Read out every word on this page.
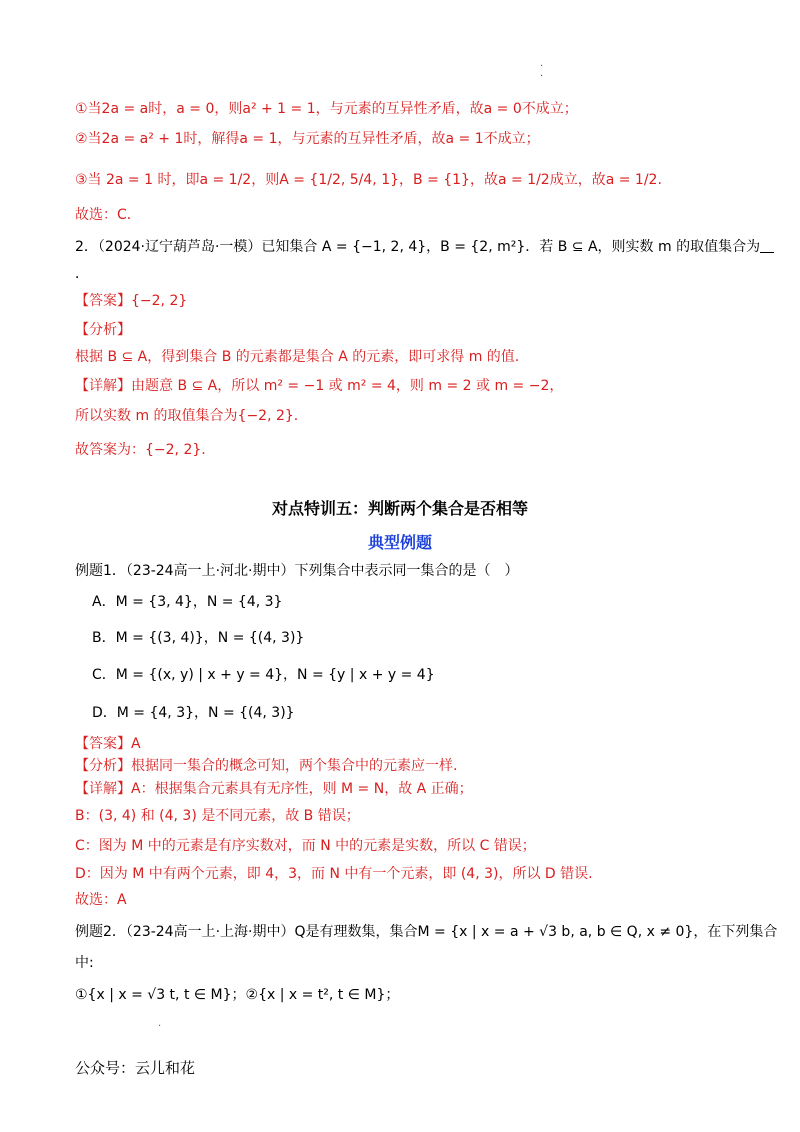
.
.
①当2a = a时，a = 0，则a² + 1 = 1，与元素的互异性矛盾，故a = 0不成立；
②当2a = a² + 1时，解得a = 1，与元素的互异性矛盾，故a = 1不成立；
③当 2a = 1 时，即a = 1/2，则A = {1/2, 5/4, 1}，B = {1}，故a = 1/2成立，故a = 1/2.
故选：C．
2．（2024·辽宁葫芦岛·一模）已知集合 A = {−1, 2, 4}，B = {2, m²}．若 B ⊆ A，则实数 m 的取值集合为
．
【答案】{−2, 2}
【分析】
根据 B ⊆ A，得到集合 B 的元素都是集合 A 的元素，即可求得 m 的值.
【详解】由题意 B ⊆ A，所以 m² = −1 或 m² = 4，则 m = 2 或 m = −2，
所以实数 m 的取值集合为{−2, 2}.
故答案为：{−2, 2}.
对点特训五：判断两个集合是否相等
典型例题
例题1．（23-24高一上·河北·期中）下列集合中表示同一集合的是（　）
A．M = {3, 4}，N = {4, 3}
B．M = {(3, 4)}，N = {(4, 3)}
C．M = {(x, y) | x + y = 4}，N = {y | x + y = 4}
D．M = {4, 3}，N = {(4, 3)}
【答案】A
【分析】根据同一集合的概念可知，两个集合中的元素应一样.
【详解】A：根据集合元素具有无序性，则 M = N，故 A 正确；
B：(3, 4) 和 (4, 3) 是不同元素，故 B 错误；
C：图为 M 中的元素是有序实数对，而 N 中的元素是实数，所以 C 错误；
D：因为 M 中有两个元素，即 4，3，而 N 中有一个元素，即 (4, 3)，所以 D 错误.
故选：A
例题2．（23-24高一上·上海·期中）Q是有理数集，集合M = {x | x = a + √3 b, a, b ∈ Q, x ≠ 0}，在下列集合
中:
①{x | x = √3 t, t ∈ M}；②{x | x = t², t ∈ M}；
.
公众号：云儿和花
